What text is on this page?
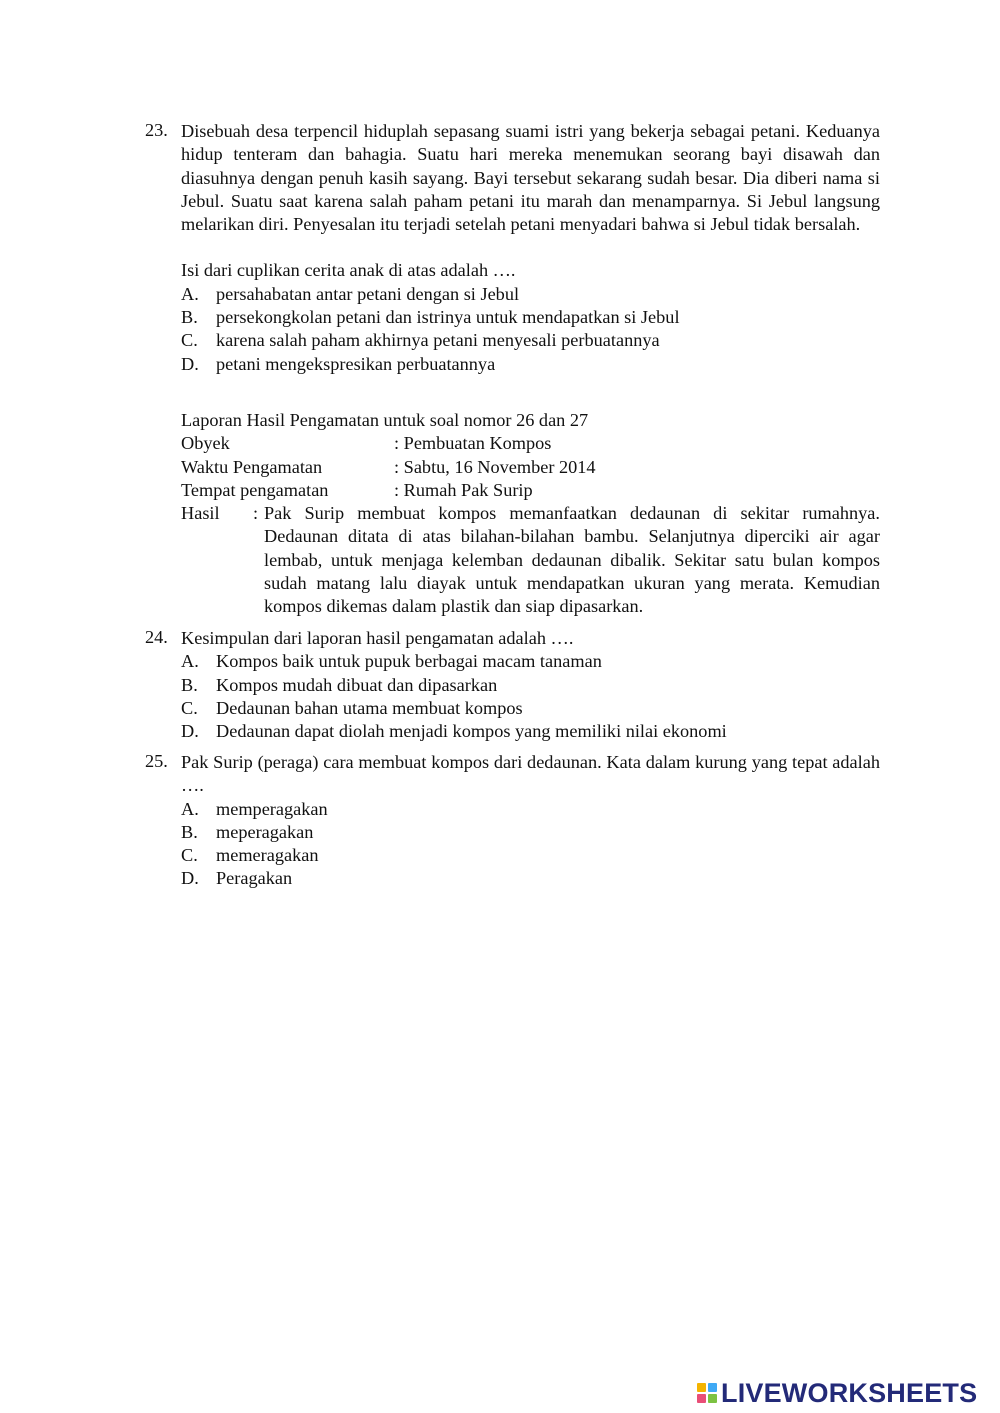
23. Disebuah desa terpencil hiduplah sepasang suami istri yang bekerja sebagai petani. Keduanya hidup tenteram dan bahagia. Suatu hari mereka menemukan seorang bayi disawah dan diasuhnya dengan penuh kasih sayang. Bayi tersebut sekarang sudah besar. Dia diberi nama si Jebul. Suatu saat karena salah paham petani itu marah dan menamparnya. Si Jebul langsung melarikan diri. Penyesalan itu terjadi setelah petani menyadari bahwa si Jebul tidak bersalah.

Isi dari cuplikan cerita anak di atas adalah ….

A. persahabatan antar petani dengan si Jebul
B. persekongkolan petani dan istrinya untuk mendapatkan si Jebul
C. karena salah paham akhirnya petani menyesali perbuatannya
D. petani mengekspresikan perbuatannya
Laporan Hasil Pengamatan untuk soal nomor 26 dan 27
Obyek	: Pembuatan Kompos
Waktu Pengamatan	: Sabtu, 16 November 2014
Tempat pengamatan	: Rumah Pak Surip
Hasil	: Pak Surip membuat kompos memanfaatkan dedaunan di sekitar rumahnya. Dedaunan ditata di atas bilahan-bilahan bambu. Selanjutnya diperciki air agar lembab, untuk menjaga kelemban dedaunan dibalik. Sekitar satu bulan kompos sudah matang lalu diayak untuk mendapatkan ukuran yang merata. Kemudian kompos dikemas dalam plastik dan siap dipasarkan.
24. Kesimpulan dari laporan hasil pengamatan adalah ….

A. Kompos baik untuk pupuk berbagai macam tanaman
B. Kompos mudah dibuat dan dipasarkan
C. Dedaunan bahan utama membuat kompos
D. Dedaunan dapat diolah menjadi kompos yang memiliki nilai ekonomi
25. Pak Surip (peraga) cara membuat kompos dari dedaunan. Kata dalam kurung yang tepat adalah ….

A. memperagakan
B. meperagakan
C. memeragakan
D. Peragakan
LIVEWORKSHEETS
